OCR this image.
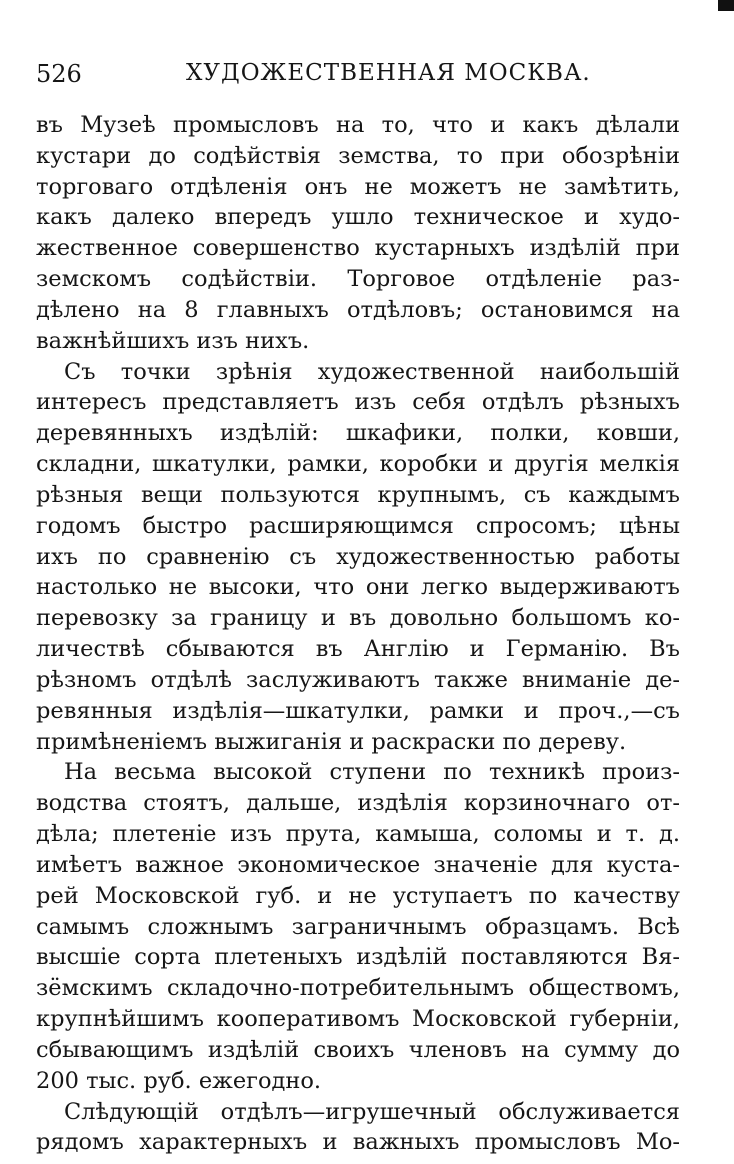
526	ХУДОЖЕСТВЕННАЯ МОСКВА.
въ Музеѣ промысловъ на то, что и какъ дѣлали
кустари до содѣйствія земства, то при обозрѣніи
торговаго отдѣленія онъ не можетъ не замѣтить,
какъ далеко впередъ ушло техническое и худо-
жественное совершенство кустарныхъ издѣлій при
земскомъ содѣйствіи. Торговое отдѣленіе раз-
дѣлено на 8 главныхъ отдѣловъ; остановимся на
важнѣйшихъ изъ нихъ.
Съ точки зрѣнія художественной наибольшій
интересъ представляетъ изъ себя отдѣлъ рѣзныхъ
деревянныхъ издѣлій: шкафики, полки, ковши,
складни, шкатулки, рамки, коробки и другія мелкія
рѣзныя вещи пользуются крупнымъ, съ каждымъ
годомъ быстро расширяющимся спросомъ; цѣны
ихъ по сравненію съ художественностью работы
настолько не высоки, что они легко выдерживаютъ
перевозку за границу и въ довольно большомъ ко-
личествѣ сбываются въ Англію и Германію. Въ
рѣзномъ отдѣлѣ заслуживаютъ также вниманіе де-
ревянныя издѣлія—шкатулки, рамки и проч.,—съ
примѣненіемъ выжиганія и раскраски по дереву.
На весьма высокой ступени по техникѣ произ-
водства стоятъ, дальше, издѣлія корзиночнаго от-
дѣла; плетеніе изъ прута, камыша, соломы и т. д.
имѣетъ важное экономическое значеніе для куста-
рей Московской губ. и не уступаетъ по качеству
самымъ сложнымъ заграничнымъ образцамъ. Всѣ
высшіе сорта плетеныхъ издѣлій поставляются Вя-
зёмскимъ складочно-потребительнымъ обществомъ,
крупнѣйшимъ кооперативомъ Московской губерніи,
сбывающимъ издѣлій своихъ членовъ на сумму до
200 тыс. руб. ежегодно.
Слѣдующій отдѣлъ—игрушечный обслуживается
рядомъ характерныхъ и важныхъ промысловъ Мо-
